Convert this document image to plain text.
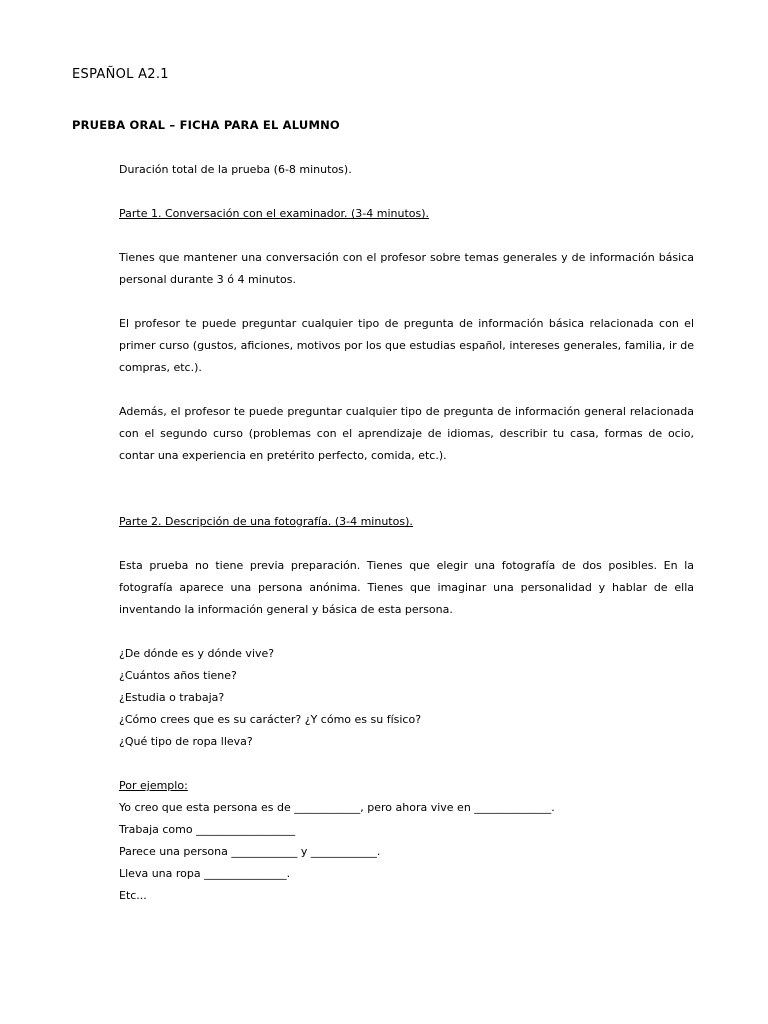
ESPAÑOL A2.1

PRUEBA ORAL – FICHA PARA EL ALUMNO

Duración total de la prueba (6-8 minutos).

Parte 1. Conversación con el examinador. (3-4 minutos).

Tienes que mantener una conversación con el profesor sobre temas generales y de información básica personal durante 3 ó 4 minutos.

El profesor te puede preguntar cualquier tipo de pregunta de información básica relacionada con el primer curso (gustos, aficiones, motivos por los que estudias español, intereses generales, familia, ir de compras, etc.).

Además, el profesor te puede preguntar cualquier tipo de pregunta de información general relacionada con el segundo curso (problemas con el aprendizaje de idiomas, describir tu casa, formas de ocio, contar una experiencia en pretérito perfecto, comida, etc.).

Parte 2. Descripción de una fotografía. (3-4 minutos).

Esta prueba no tiene previa preparación. Tienes que elegir una fotografía de dos posibles. En la fotografía aparece una persona anónima. Tienes que imaginar una personalidad y hablar de ella inventando la información general y básica de esta persona.

¿De dónde es y dónde vive?

¿Cuántos años tiene?

¿Estudia o trabaja?

¿Cómo crees que es su carácter? ¿Y cómo es su físico?

¿Qué tipo de ropa lleva?

Por ejemplo:

Yo creo que esta persona es de ____________, pero ahora vive en ______________.

Trabaja como __________________

Parece una persona ____________ y ____________.

Lleva una ropa _______________.

Etc...
